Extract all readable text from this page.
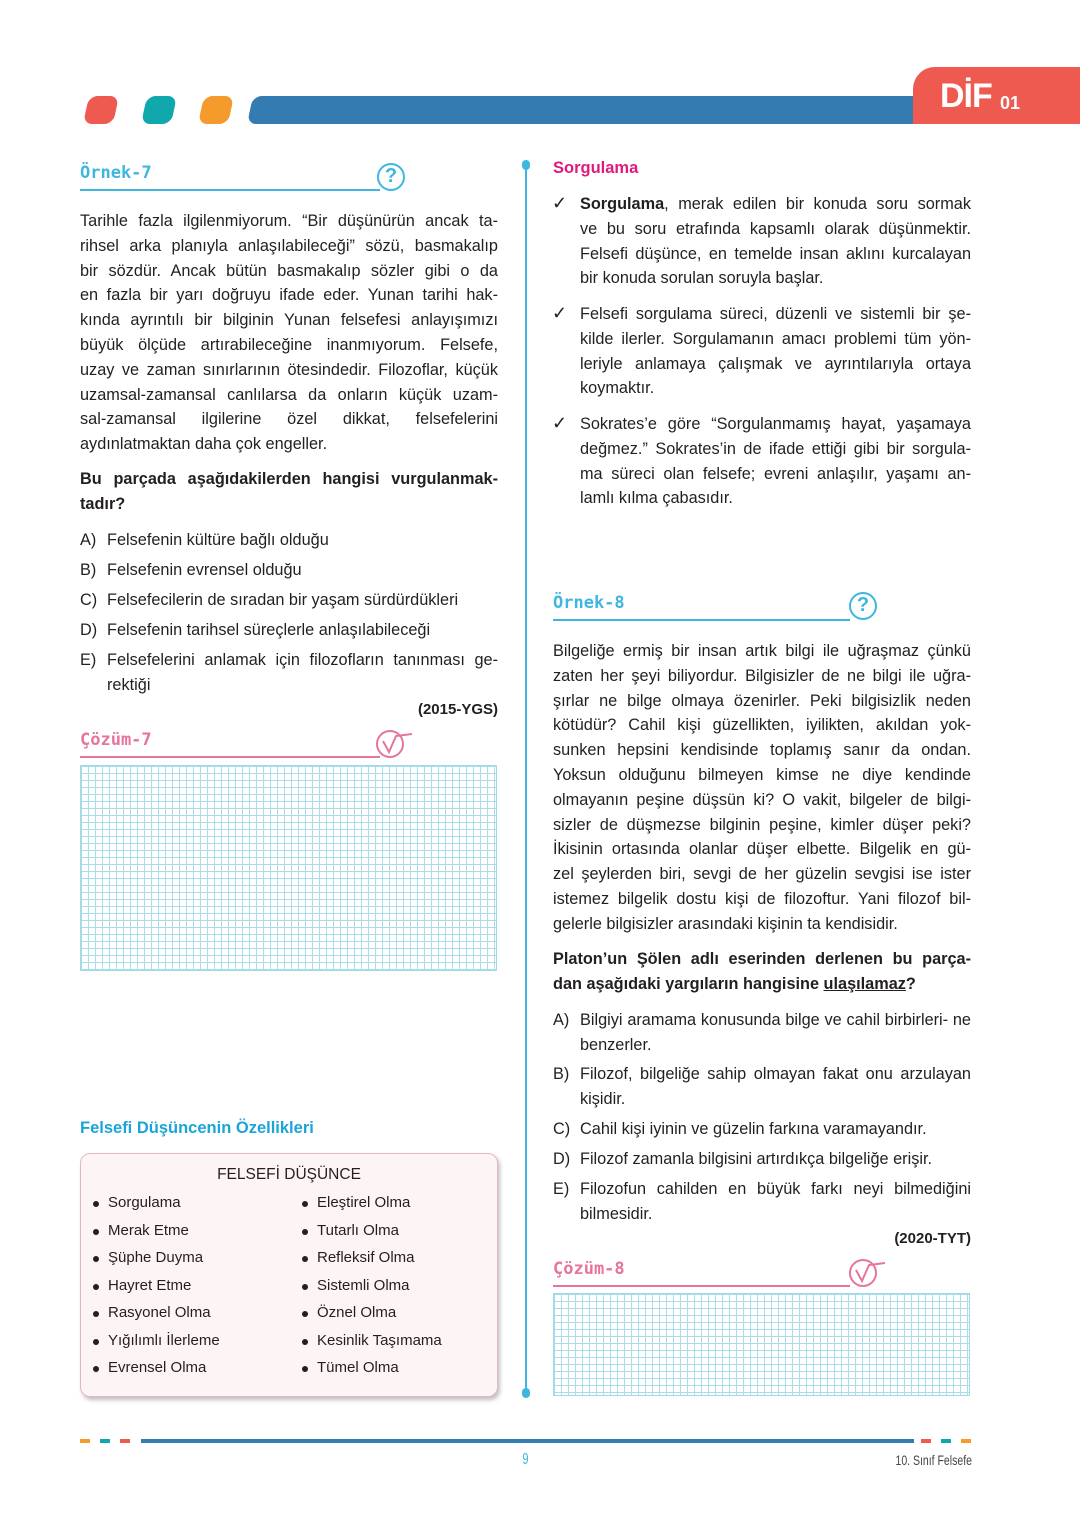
DİF 01
Örnek-7	?
Tarihle fazla ilgilenmiyorum. “Bir düşünürün ancak ta-
rihsel arka planıyla anlaşılabileceği” sözü, basmakalıp
bir sözdür. Ancak bütün basmakalıp sözler gibi o da
en fazla bir yarı doğruyu ifade eder. Yunan tarihi hak-
kında ayrıntılı bir bilginin Yunan felsefesi anlayışımızı
büyük ölçüde artırabileceğine inanmıyorum. Felsefe,
uzay ve zaman sınırlarının ötesindedir. Filozoflar, küçük
uzamsal-zamansal canlılarsa da onların küçük uzam-
sal-zamansal ilgilerine özel dikkat, felsefelerini
aydınlatmaktan daha çok engeller.
Bu parçada aşağıdakilerden hangisi vurgulanmak-
tadır?
A) Felsefenin kültüre bağlı olduğu
B) Felsefenin evrensel olduğu
C) Felsefecilerin de sıradan bir yaşam sürdürdükleri
D) Felsefenin tarihsel süreçlerle anlaşılabileceği
E) Felsefelerini anlamak için filozofların tanınması ge- rektiği
(2015-YGS)
Çözüm-7
Felsefi Düşüncenin Özellikleri
FELSEFİ DÜŞÜNCE
Sorgulama
Merak Etme
Şüphe Duyma
Hayret Etme
Rasyonel Olma
Yığılımlı İlerleme
Evrensel Olma
Eleştirel Olma
Tutarlı Olma
Refleksif Olma
Sistemli Olma
Öznel Olma
Kesinlik Taşımama
Tümel Olma
Sorgulama
✓ Sorgulama, merak edilen bir konuda soru sormak
ve bu soru etrafında kapsamlı olarak düşünmektir.
Felsefi düşünce, en temelde insan aklını kurcalayan
bir konuda sorulan soruyla başlar.
✓ Felsefi sorgulama süreci, düzenli ve sistemli bir şe-
kilde ilerler. Sorgulamanın amacı problemi tüm yön-
leriyle anlamaya çalışmak ve ayrıntılarıyla ortaya
koymaktır.
✓ Sokrates’e göre “Sorgulanmamış hayat, yaşamaya
değmez.” Sokrates’in de ifade ettiği gibi bir sorgula-
ma süreci olan felsefe; evreni anlaşılır, yaşamı an-
lamlı kılma çabasıdır.
Örnek-8	?
Bilgeliğe ermiş bir insan artık bilgi ile uğraşmaz çünkü
zaten her şeyi biliyordur. Bilgisizler de ne bilgi ile uğra-
şırlar ne bilge olmaya özenirler. Peki bilgisizlik neden
kötüdür? Cahil kişi güzellikten, iyilikten, akıldan yok-
sunken hepsini kendisinde toplamış sanır da ondan.
Yoksun olduğunu bilmeyen kimse ne diye kendinde
olmayanın peşine düşsün ki? O vakit, bilgeler de bilgi-
sizler de düşmezse bilginin peşine, kimler düşer peki?
İkisinin ortasında olanlar düşer elbette. Bilgelik en gü-
zel şeylerden biri, sevgi de her güzelin sevgisi ise ister
istemez bilgelik dostu kişi de filozoftur. Yani filozof bil-
gelerle bilgisizler arasındaki kişinin ta kendisidir.
Platon’un Şölen adlı eserinden derlenen bu parça-
dan aşağıdaki yargıların hangisine ulaşılamaz?
A) Bilgiyi aramama konusunda bilge ve cahil birbirleri- ne benzerler.
B) Filozof, bilgeliğe sahip olmayan fakat onu arzulayan kişidir.
C) Cahil kişi iyinin ve güzelin farkına varamayandır.
D) Filozof zamanla bilgisini artırdıkça bilgeliğe erişir.
E) Filozofun cahilden en büyük farkı neyi bilmediğini bilmesidir.
(2020-TYT)
Çözüm-8
9	10. Sınıf Felsefe
